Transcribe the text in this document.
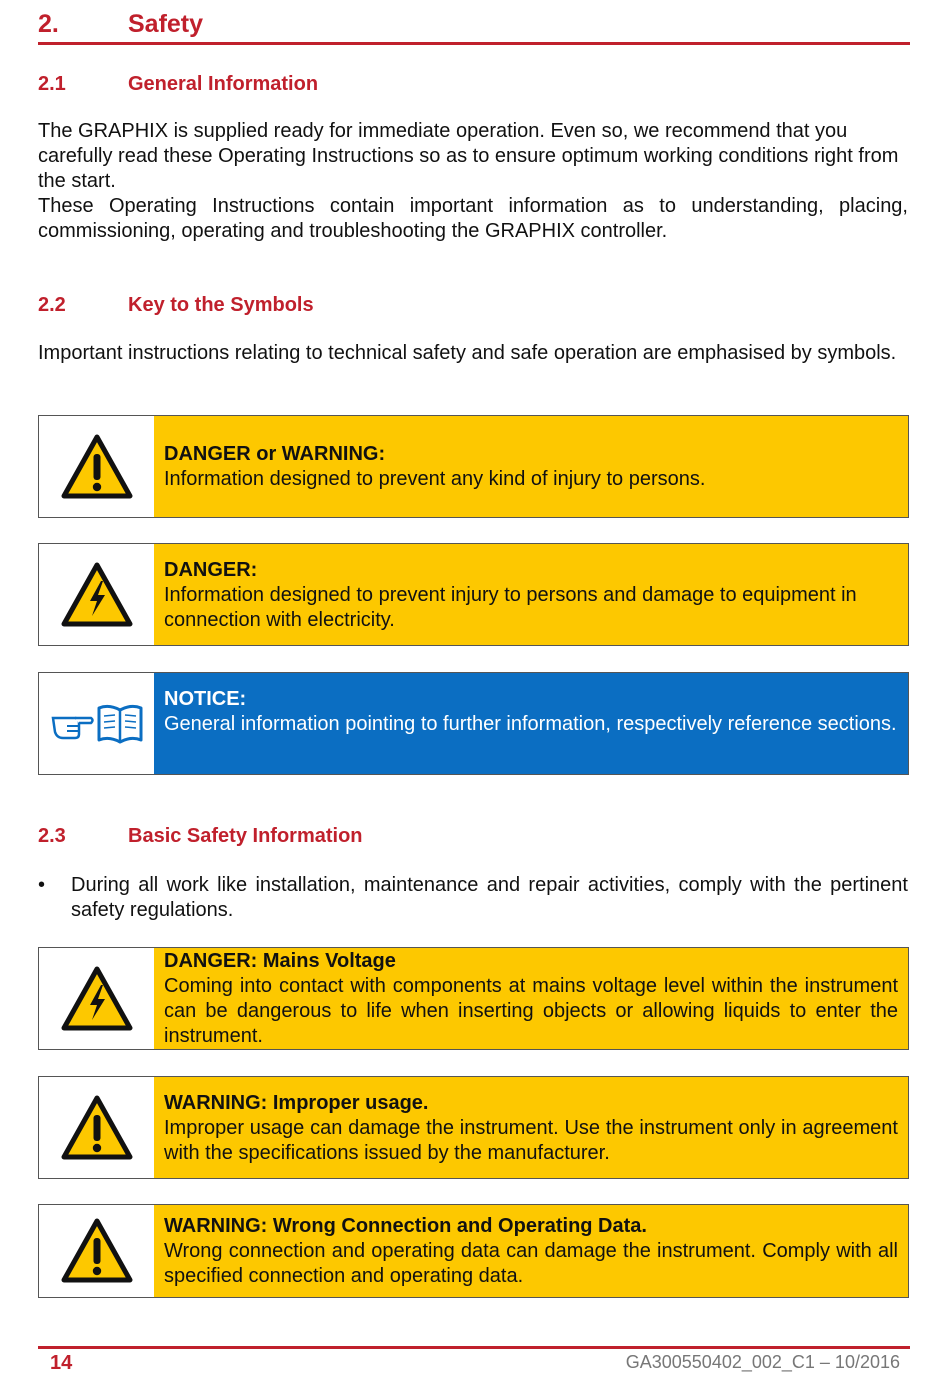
2.	Safety
2.1	General Information

The GRAPHIX is supplied ready for immediate operation. Even so, we recommend that you carefully read these Operating Instructions so as to ensure optimum working conditions right from the start.

These Operating Instructions contain important information as to understanding, placing, commissioning, operating and troubleshooting the GRAPHIX controller.

2.2	Key to the Symbols

Important instructions relating to technical safety and safe operation are emphasised by symbols.

DANGER or WARNING:
Information designed to prevent any kind of injury to persons.
DANGER:
Information designed to prevent injury to persons and damage to equipment in connection with electricity.
NOTICE:
General information pointing to further information, respectively reference sections.
2.3	Basic Safety Information
• During all work like installation, maintenance and repair activities, comply with the pertinent safety regulations.
DANGER: Mains Voltage
Coming into contact with components at mains voltage level within the instrument can be dangerous to life when inserting objects or allowing liquids to enter the instrument.
WARNING: Improper usage.
Improper usage can damage the instrument. Use the instrument only in agreement with the specifications issued by the manufacturer.
WARNING: Wrong Connection and Operating Data.
Wrong connection and operating data can damage the instrument. Comply with all specified connection and operating data.
14	GA300550402_002_C1 – 10/2016
